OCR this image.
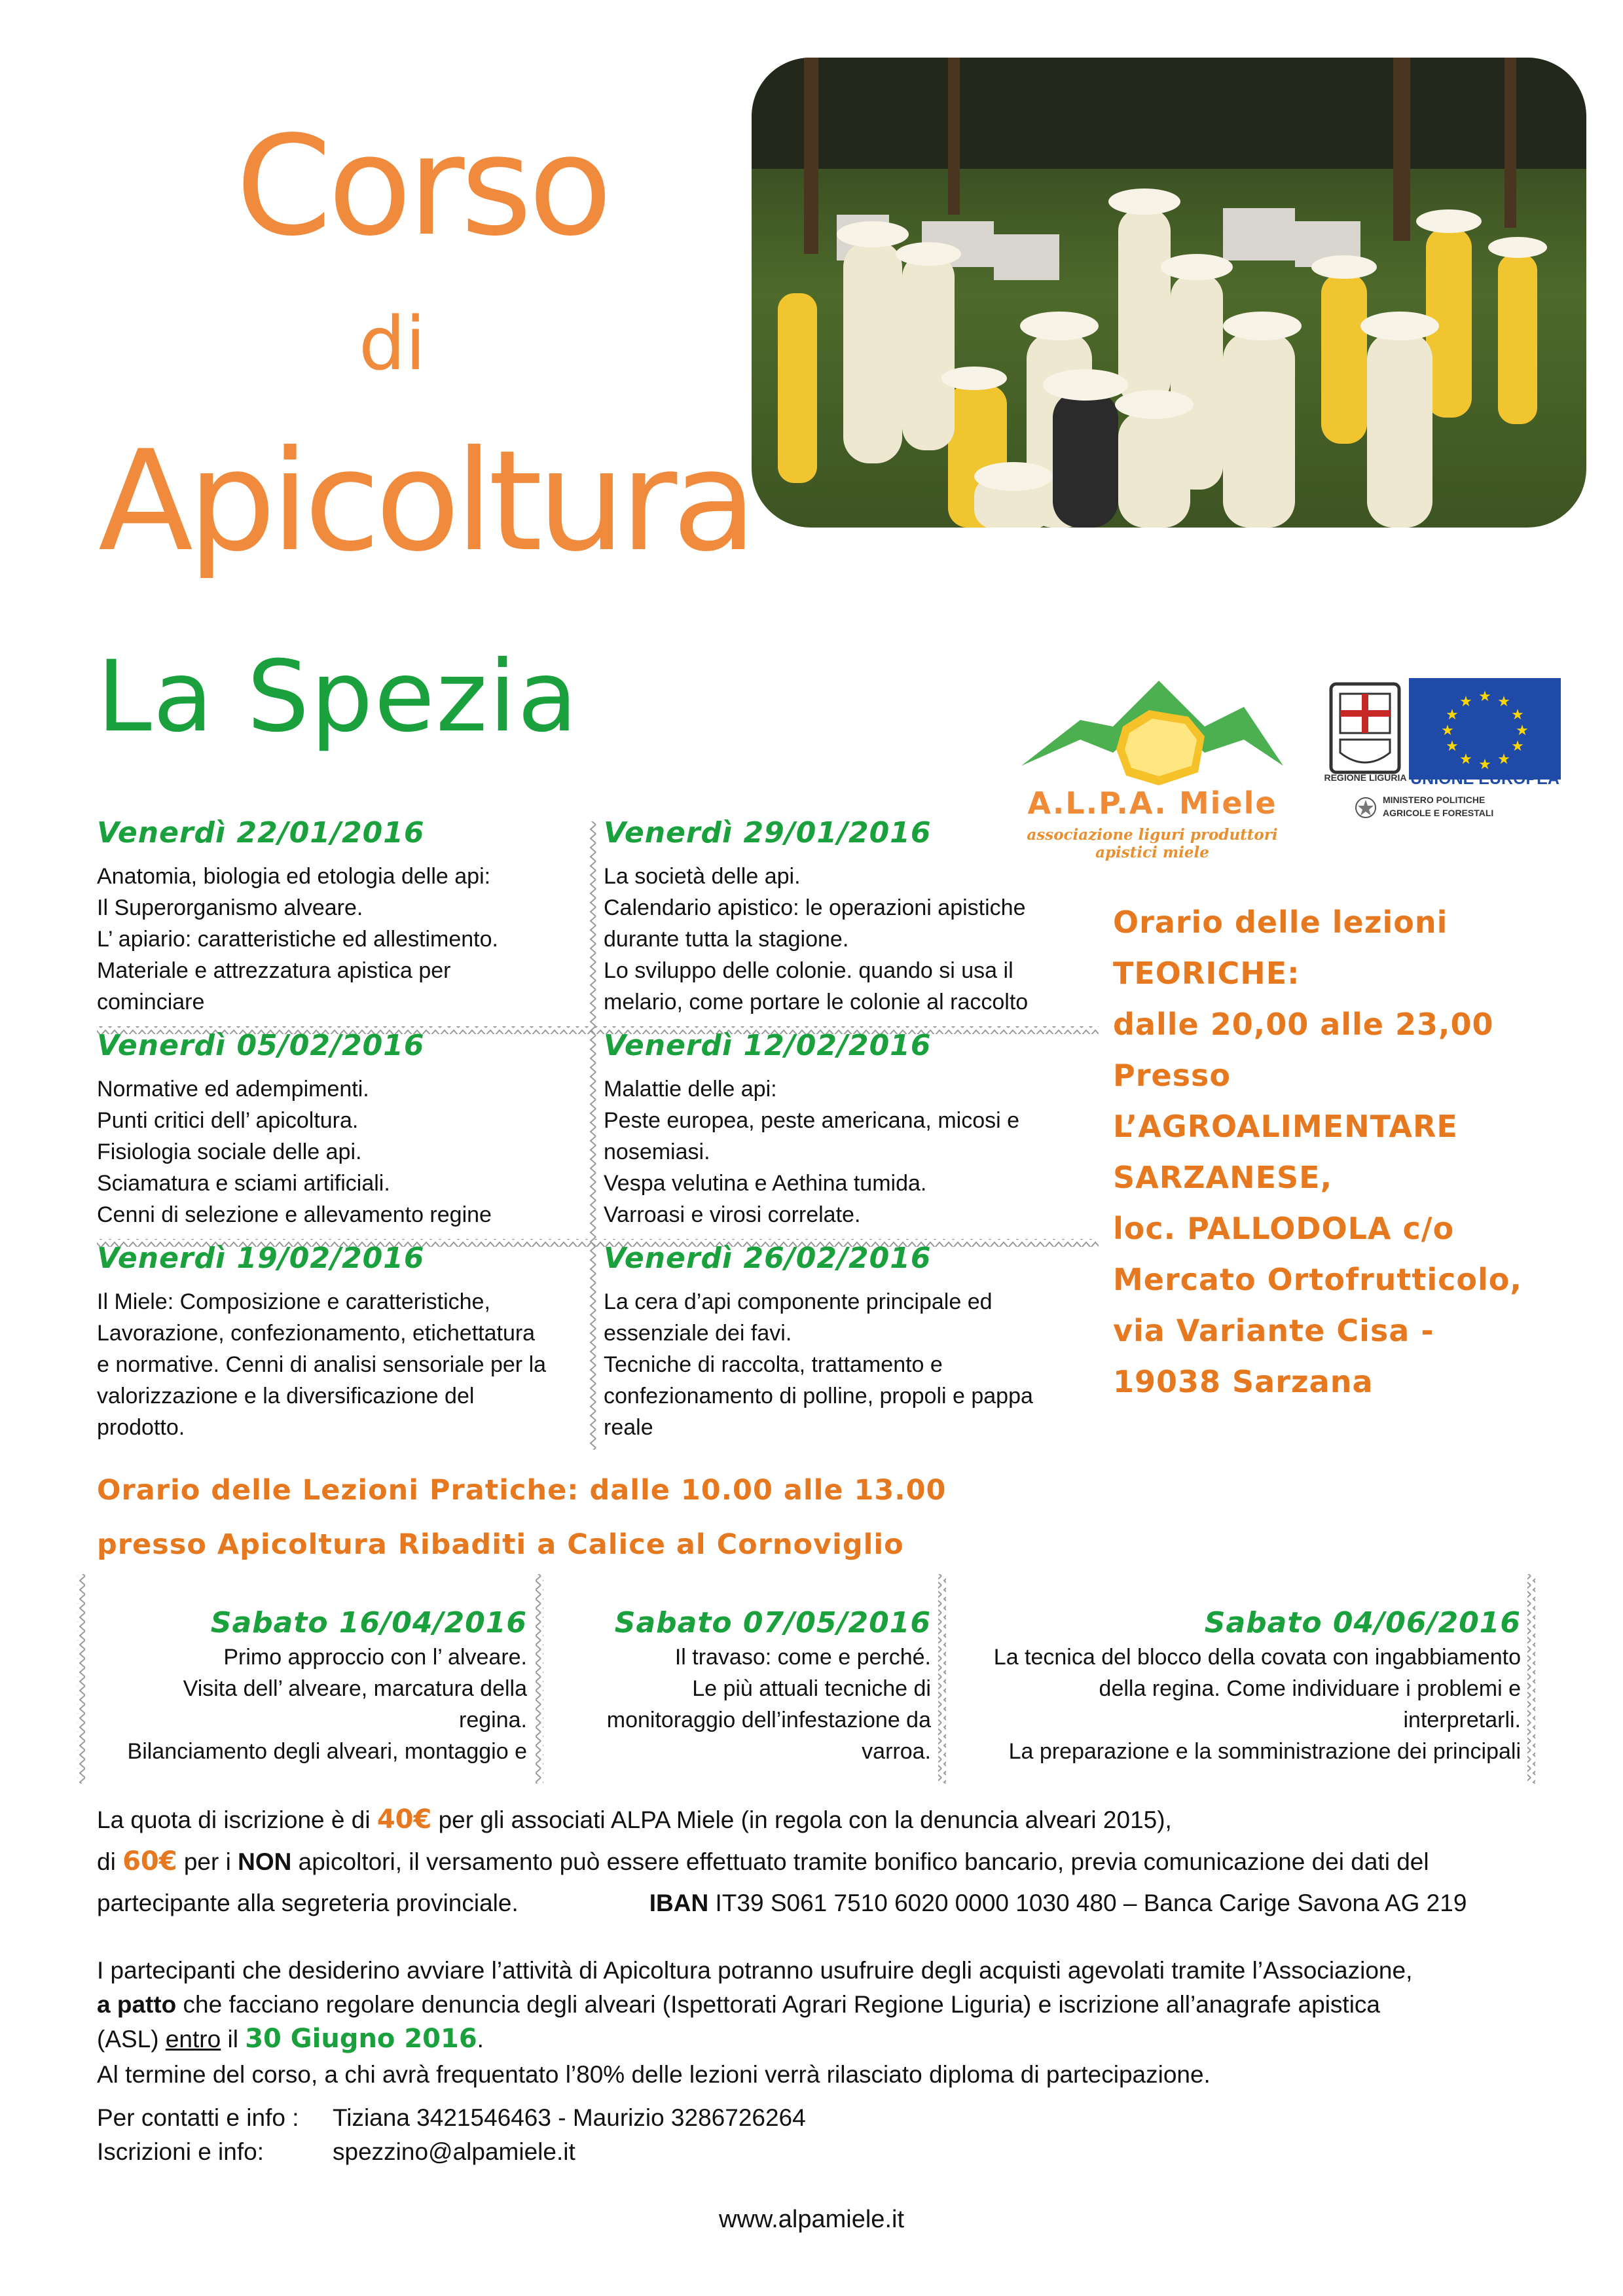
Corso
di
Apicoltura
La Spezia
A.L.P.A. Miele
associazione liguri produttori apistici miele
REGIONE LIGURIA
★ ★
★
★
★
★
★
★
★
★
★
★
UNIONE EUROPEA
MINISTERO POLITICHE
AGRICOLE E FORESTALI
Venerdì 22/01/2016
Anatomia, biologia ed etologia delle api:
Il Superorganismo alveare.
L’ apiario: caratteristiche ed allestimento.
Materiale e attrezzatura apistica per
cominciare
Venerdì 29/01/2016
La società delle api.
Calendario apistico: le operazioni apistiche
durante tutta la stagione.
Lo sviluppo delle colonie. quando si usa il
melario, come portare le colonie al raccolto
Venerdì 05/02/2016
Normative ed adempimenti.
Punti critici dell’ apicoltura.
Fisiologia sociale delle api.
Sciamatura e sciami artificiali.
Cenni di selezione e allevamento regine
Venerdì 12/02/2016
Malattie delle api:
Peste europea, peste americana, micosi e
nosemiasi.
Vespa velutina e Aethina tumida.
Varroasi e virosi correlate.
Venerdì 19/02/2016
Il Miele: Composizione e caratteristiche,
Lavorazione, confezionamento, etichettatura
e normative. Cenni di analisi sensoriale per la
valorizzazione e la diversificazione del
prodotto.
Venerdì 26/02/2016
La cera d’api componente principale ed
essenziale dei favi.
Tecniche di raccolta, trattamento e
confezionamento di polline, propoli e pappa
reale
Orario delle lezioni
TEORICHE:
dalle 20,00 alle 23,00
Presso
L’AGROALIMENTARE
SARZANESE,
loc. PALLODOLA c/o
Mercato Ortofrutticolo,
via Variante Cisa -
19038 Sarzana
Orario delle Lezioni Pratiche: dalle 10.00 alle 13.00
presso Apicoltura Ribaditi a Calice al Cornoviglio
Sabato 16/04/2016
Primo approccio con l’ alveare.
Visita dell’ alveare, marcatura della
regina.
Bilanciamento degli alveari, montaggio e
Sabato 07/05/2016
Il travaso: come e perché.
Le più attuali tecniche di
monitoraggio dell’infestazione da
varroa.
Sabato 04/06/2016
La tecnica del blocco della covata con ingabbiamento
della regina. Come individuare i problemi e
interpretarli.
La preparazione e la somministrazione dei principali
La quota di iscrizione è di 40€ per gli associati ALPA Miele (in regola con la denuncia alveari 2015),
di 60€ per i NON apicoltori, il versamento può essere effettuato tramite bonifico bancario, previa comunicazione dei dati del
partecipante alla segreteria provinciale.	IBAN IT39 S061 7510 6020 0000 1030 480 – Banca Carige Savona AG 219
I partecipanti che desiderino avviare l’attività di Apicoltura potranno usufruire degli acquisti agevolati tramite l’Associazione,
a patto che facciano regolare denuncia degli alveari (Ispettorati Agrari Regione Liguria) e iscrizione all’anagrafe apistica
(ASL) entro il 30 Giugno 2016.
Al termine del corso, a chi avrà frequentato l’80% delle lezioni verrà rilasciato diploma di partecipazione.
Per contatti e info : Tiziana 3421546463 - Maurizio 3286726264
Iscrizioni e info:	spezzino@alpamiele.it
www.alpamiele.it
